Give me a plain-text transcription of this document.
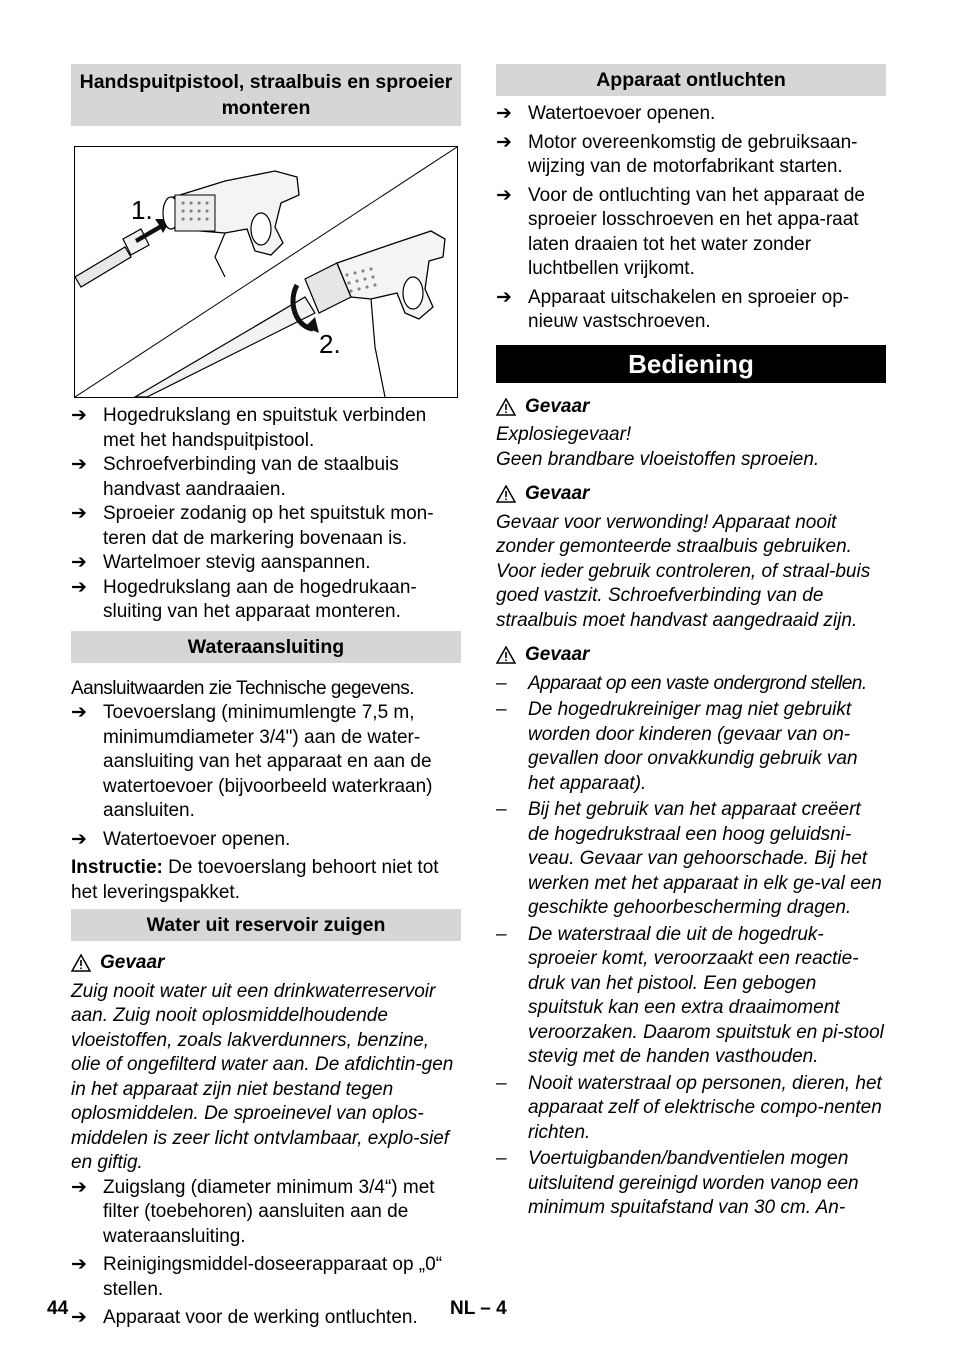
Handspuitpistool, straalbuis en sproeier monteren
1.
2.
➔ Hogedrukslang en spuitstuk verbinden met het handspuitpistool.
➔ Schroefverbinding van de staalbuis handvast aandraaien.
➔ Sproeier zodanig op het spuitstuk mon-teren dat de markering bovenaan is.
➔ Wartelmoer stevig aanspannen.
➔ Hogedrukslang aan de hogedrukaan-sluiting van het apparaat monteren.
Wateraansluiting
Aansluitwaarden zie Technische gegevens.
➔ Toevoerslang (minimumlengte 7,5 m, minimumdiameter 3/4") aan de water-aansluiting van het apparaat en aan de watertoevoer (bijvoorbeeld waterkraan) aansluiten.
➔ Watertoevoer openen.
Instructie: De toevoerslang behoort niet tot het leveringspakket.
Water uit reservoir zuigen
Gevaar
Zuig nooit water uit een drinkwaterreservoir aan. Zuig nooit oplosmiddelhoudende vloeistoffen, zoals lakverdunners, benzine, olie of ongefilterd water aan. De afdichtin-gen in het apparaat zijn niet bestand tegen oplosmiddelen. De sproeinevel van oplos-middelen is zeer licht ontvlambaar, explo-sief en giftig.
➔ Zuigslang (diameter minimum 3/4“) met filter (toebehoren) aansluiten aan de wateraansluiting.
➔ Reinigingsmiddel-doseerapparaat op „0“ stellen.
➔ Apparaat voor de werking ontluchten.
Apparaat ontluchten
➔ Watertoevoer openen.
➔ Motor overeenkomstig de gebruiksaan-wijzing van de motorfabrikant starten.
➔ Voor de ontluchting van het apparaat de sproeier losschroeven en het appa-raat laten draaien tot het water zonder luchtbellen vrijkomt.
➔ Apparaat uitschakelen en sproeier op-nieuw vastschroeven.
Bediening
Gevaar
Explosiegevaar!
Geen brandbare vloeistoffen sproeien.
Gevaar
Gevaar voor verwonding! Apparaat nooit zonder gemonteerde straalbuis gebruiken. Voor ieder gebruik controleren, of straal-buis goed vastzit. Schroefverbinding van de straalbuis moet handvast aangedraaid zijn.
Gevaar
– Apparaat op een vaste ondergrond stellen.
– De hogedrukreiniger mag niet gebruikt worden door kinderen (gevaar van on-gevallen door onvakkundig gebruik van het apparaat).
– Bij het gebruik van het apparaat creëert de hogedrukstraal een hoog geluidsni-veau. Gevaar van gehoorschade. Bij het werken met het apparaat in elk ge-val een geschikte gehoorbescherming dragen.
– De waterstraal die uit de hogedruk-sproeier komt, veroorzaakt een reactie-druk van het pistool. Een gebogen spuitstuk kan een extra draaimoment veroorzaken. Daarom spuitstuk en pi-stool stevig met de handen vasthouden.
– Nooit waterstraal op personen, dieren, het apparaat zelf of elektrische compo-nenten richten.
– Voertuigbanden/bandventielen mogen uitsluitend gereinigd worden vanop een minimum spuitafstand van 30 cm. An-
44	NL – 4
